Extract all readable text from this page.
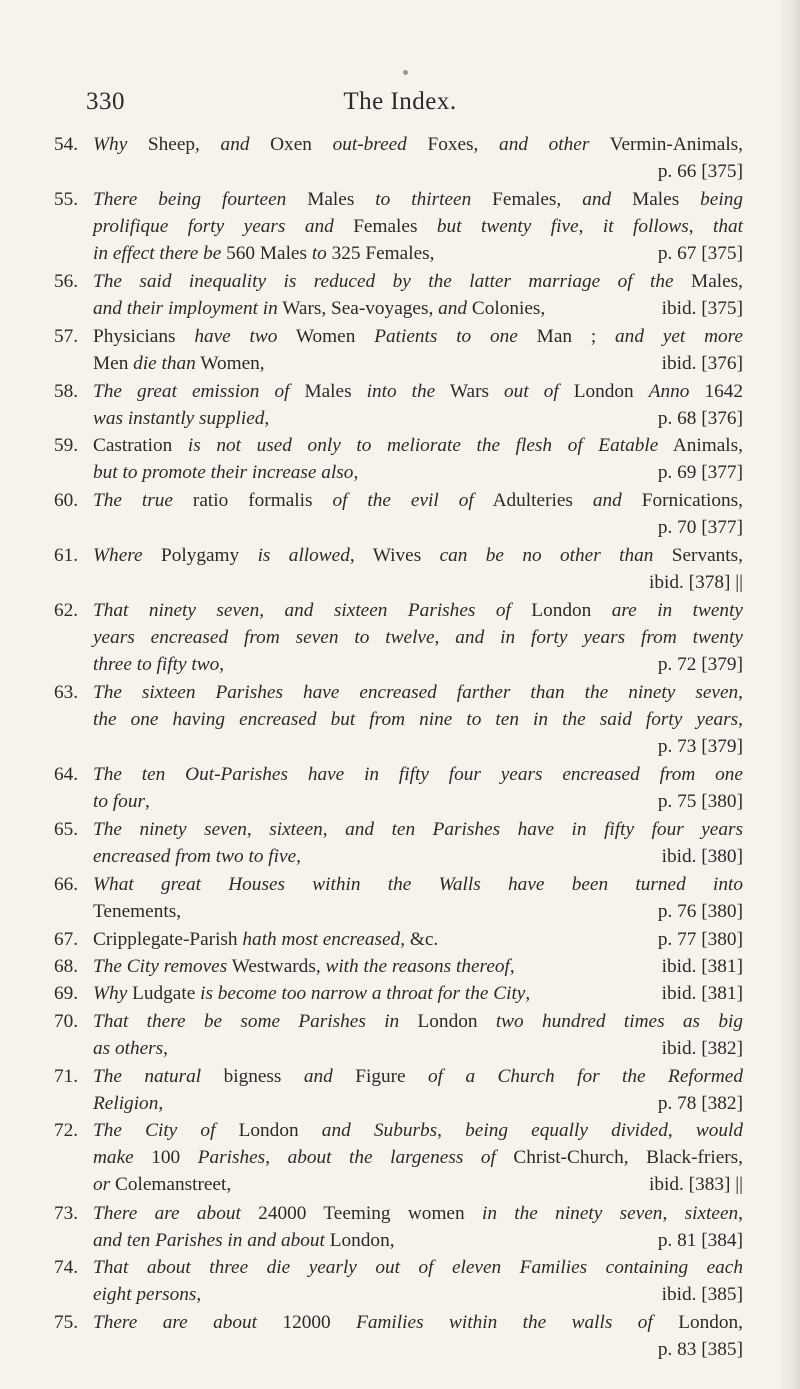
330	The Index.
54. Why Sheep, and Oxen out-breed Foxes, and other Vermin-Animals,
p. 66 [375]
55. There being fourteen Males to thirteen Females, and Males being
prolifique forty years and Females but twenty five, it follows, that
in effect there be 560 Males to 325 Females,	p. 67 [375]
56. The said inequality is reduced by the latter marriage of the Males,
and their imployment in Wars, Sea-voyages, and Colonies,	ibid. [375]
57. Physicians have two Women Patients to one Man ; and yet more
Men die than Women,	ibid. [376]
58. The great emission of Males into the Wars out of London Anno 1642
was instantly supplied,	p. 68 [376]
59. Castration is not used only to meliorate the flesh of Eatable Animals,
but to promote their increase also,	p. 69 [377]
60. The true ratio formalis of the evil of Adulteries and Fornications,
p. 70 [377]
61. Where Polygamy is allowed, Wives can be no other than Servants,
ibid. [378] ||
62. That ninety seven, and sixteen Parishes of London are in twenty
years encreased from seven to twelve, and in forty years from twenty
three to fifty two,	p. 72 [379]
63. The sixteen Parishes have encreased farther than the ninety seven,
the one having encreased but from nine to ten in the said forty years,
p. 73 [379]
64. The ten Out-Parishes have in fifty four years encreased from one
to four,	p. 75 [380]
65. The ninety seven, sixteen, and ten Parishes have in fifty four years
encreased from two to five,	ibid. [380]
66. What great Houses within the Walls have been turned into
Tenements,	p. 76 [380]
67. Cripplegate-Parish hath most encreased, &c.	p. 77 [380]
68. The City removes Westwards, with the reasons thereof,	ibid. [381]
69. Why Ludgate is become too narrow a throat for the City,	ibid. [381]
70. That there be some Parishes in London two hundred times as big
as others,	ibid. [382]
71. The natural bigness and Figure of a Church for the Reformed
Religion,	p. 78 [382]
72. The City of London and Suburbs, being equally divided, would
make 100 Parishes, about the largeness of Christ-Church, Black-friers,
or Colemanstreet,	ibid. [383] ||
73. There are about 24000 Teeming women in the ninety seven, sixteen,
and ten Parishes in and about London,	p. 81 [384]
74. That about three die yearly out of eleven Families containing each
eight persons,	ibid. [385]
75. There are about 12000 Families within the walls of London,
p. 83 [385]
